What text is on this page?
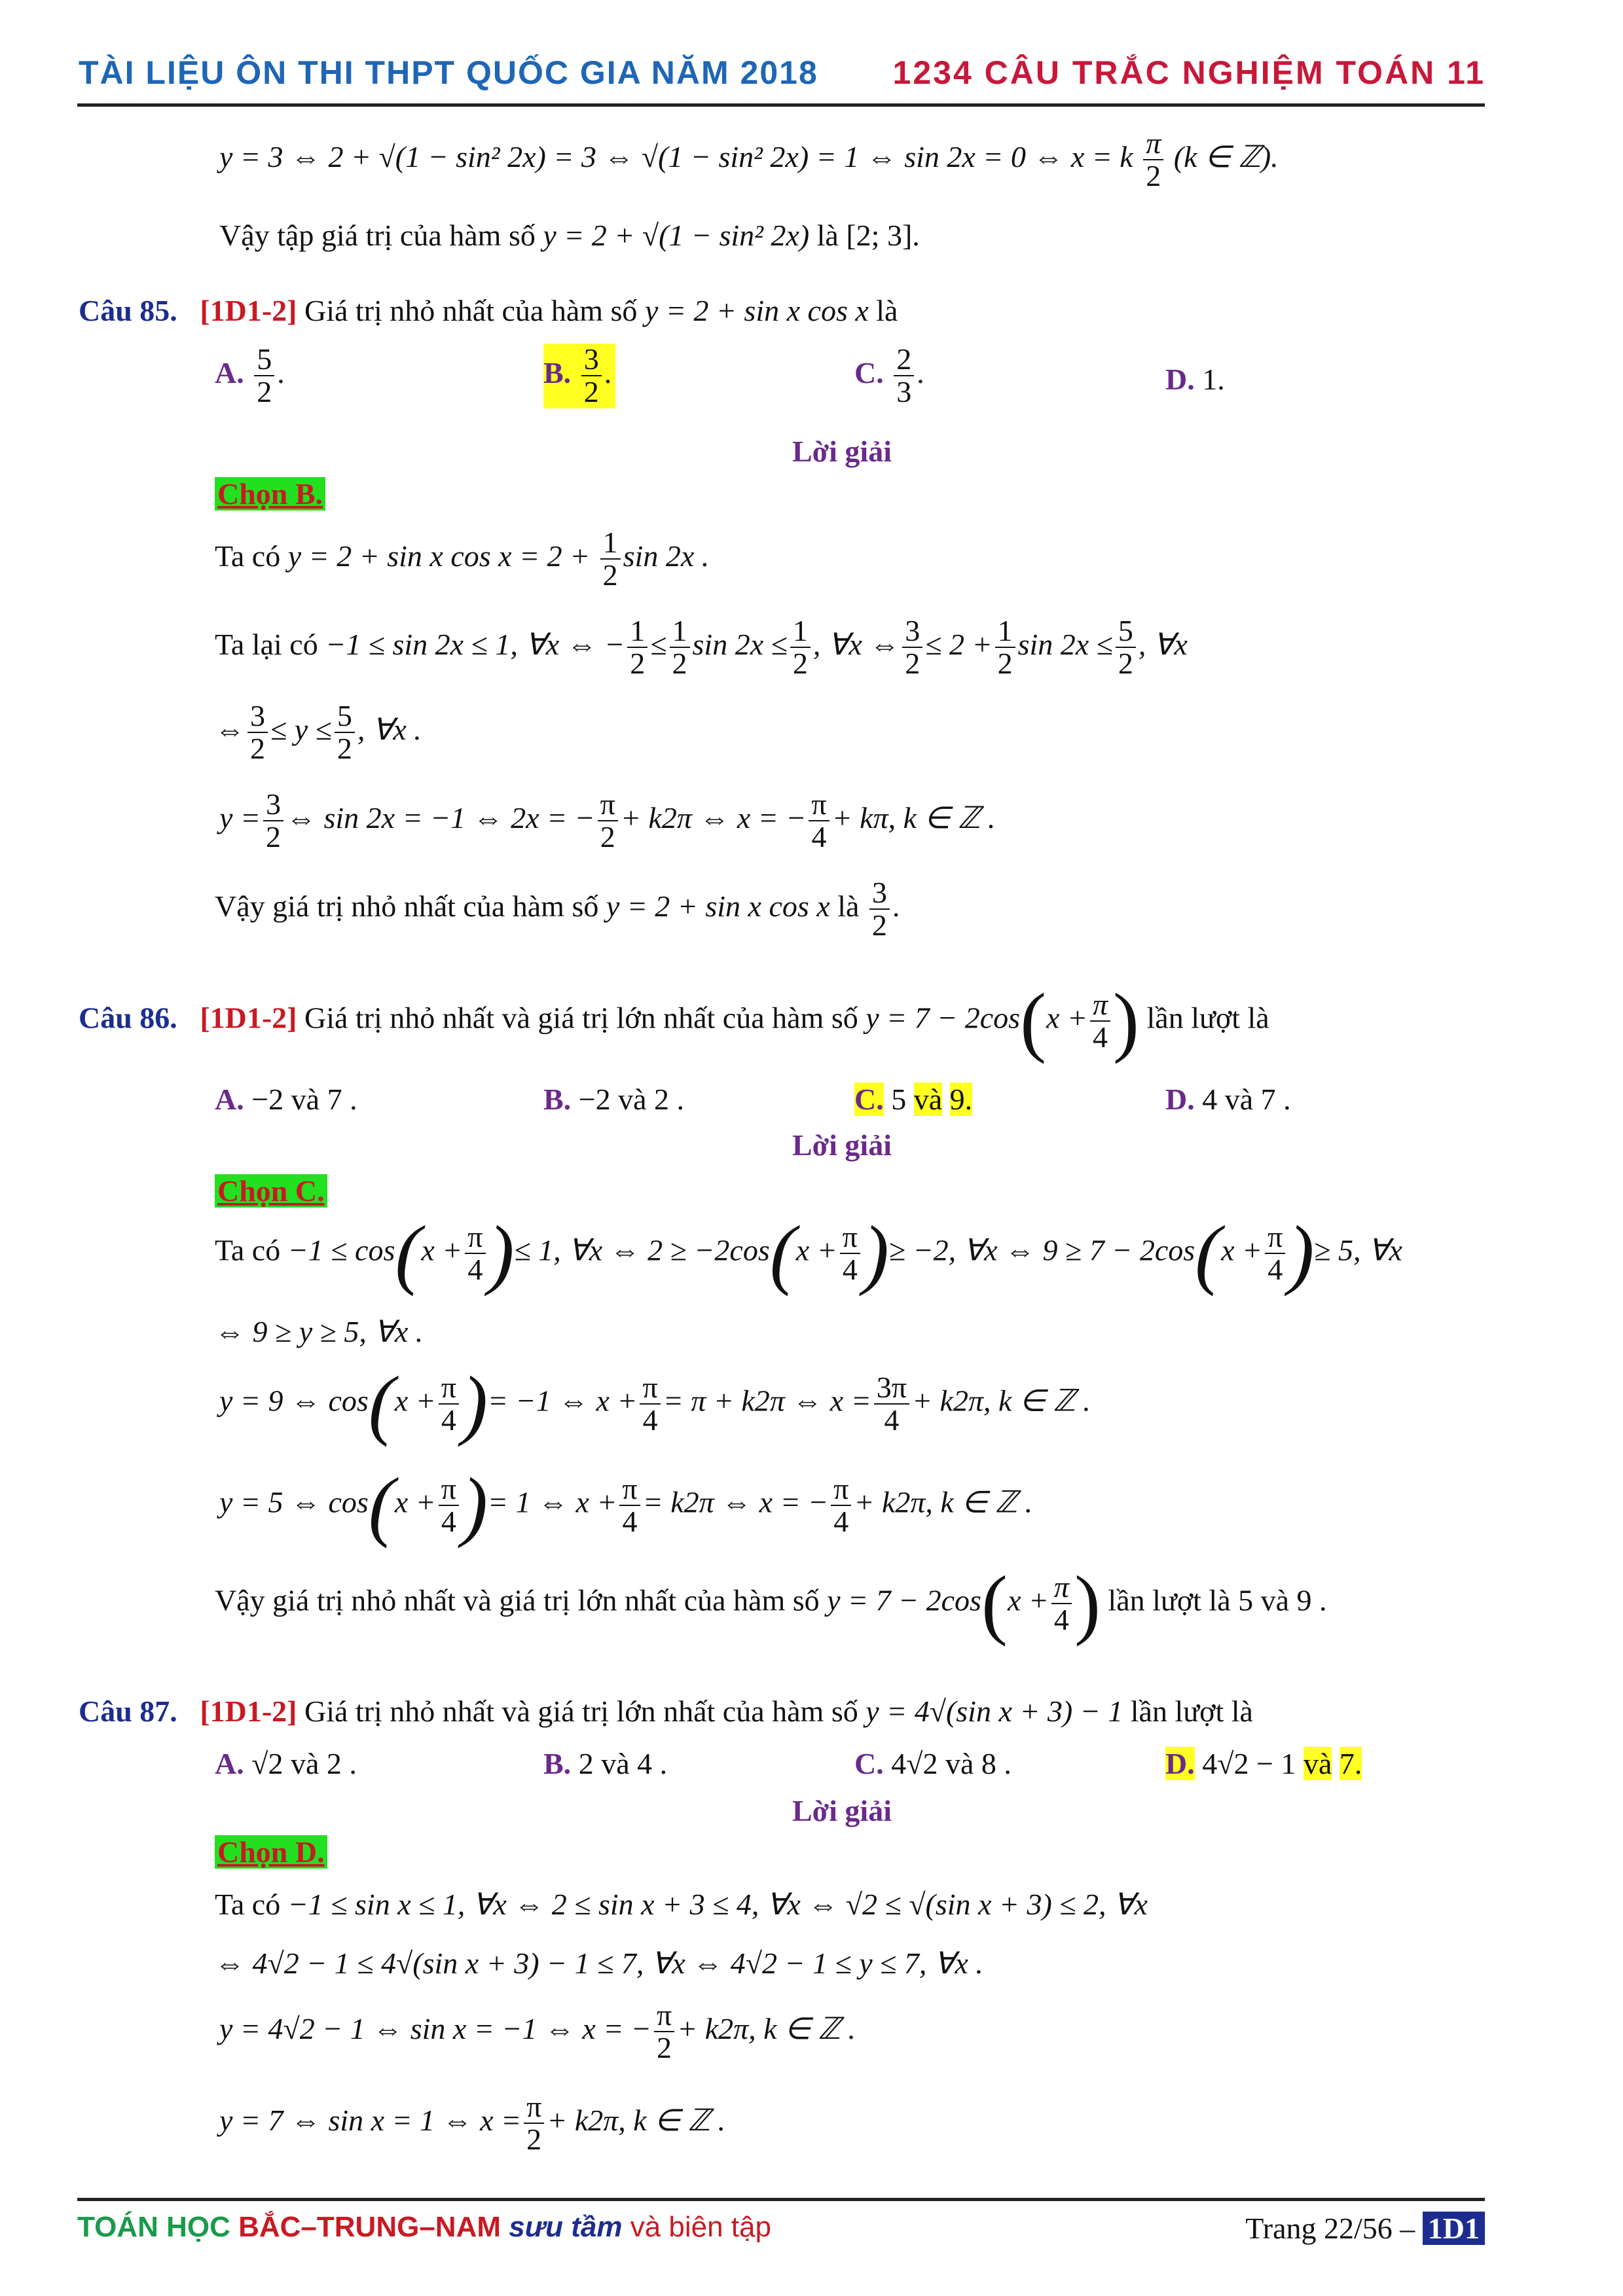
TÀI LIỆU ÔN THI THPT QUỐC GIA NĂM 2018 1234 CÂU TRẮC NGHIỆM TOÁN 11
y = 3 ⇔ 2 + √(1 − sin² 2x) = 3 ⇔ √(1 − sin² 2x) = 1 ⇔ sin 2x = 0 ⇔ x = k $\frac{\pi}{2} (k$ ∈ ℤ).
Vậy tập giá trị của hàm số y = 2 + √(1 − sin² 2x) là [2; 3].
Câu 85. [1D1-2] Giá trị nhỏ nhất của hàm số y = 2 + sin x cos x là
A. $\frac{5}{2}$ .	B. $\frac{3}{2}$ .	C. $\frac{2}{3}$ .	D. 1.
Lời giải
Chọn B.
Ta có y = 2 + sin x $\cos x = 2 + \frac{1}{2}$ sin 2x .
Ta lại có −1 ≤ sin 2x ≤ 1, ∀x ⇔ − $\frac{1}{2} \le \frac{1}{2}$ $\sin 2x \le \frac{1}{2}$ , ∀x ⇔ $\frac{3}{2} \le 2 + \frac{1}{2}$ $\sin 2x \le \frac{5}{2}$ , ∀x
⇔ $\frac{3}{2} \le y \le \frac{5}{2}$ , ∀x .
$y = \frac{3}{2}$ ⇔ sin 2x = −1 ⇔ 2x = − $\frac{\pi}{2} + k2\pi$ ⇔ x = − $\frac{\pi}{4} + k\pi$, k ∈ ℤ .
Vậy giá trị nhỏ nhất của hàm số y = 2 + sin x cos x là $\frac{3}{2}$ .
Câu 86. [1D1-2] Giá trị nhỏ nhất và giá trị lớn nhất của hàm số $y = 7 - 2\cos(x + \frac{\pi}{4}$ ) lần lượt là
A. −2 và 7 .	B. −2 và 2 .	C. 5 và 9.	D. 4 và 7 .
Lời giải
Chọn C.
Ta có $-1 \le \cos(x + \frac{\pi}{4}$ )≤ 1, ∀x ⇔ $2 \ge -2\cos(x + \frac{\pi}{4}$ )≥ −2, ∀x ⇔ $9 \ge 7 - 2\cos(x + \frac{\pi}{4}$ )≥ 5, ∀x
⇔ 9 ≥ y ≥ 5, ∀x .
y = 9 ⇔ $\cos(x + \frac{\pi}{4}$ )= −1 ⇔ $x + \frac{\pi}{4} = \pi + k2\pi$ ⇔ $x = \frac{3\pi}{4} + k2\pi$, k ∈ ℤ .
y = 5 ⇔ $\cos(x + \frac{\pi}{4}$ )= 1 ⇔ $x + \frac{\pi}{4} = k2\pi$ ⇔ x = − $\frac{\pi}{4} + k2\pi$, k ∈ ℤ .
Vậy giá trị nhỏ nhất và giá trị lớn nhất của hàm số $y = 7 - 2\cos(x + \frac{\pi}{4}$ ) lần lượt là 5 và 9 .
Câu 87. [1D1-2] Giá trị nhỏ nhất và giá trị lớn nhất của hàm số y = 4√(sin x + 3) − 1 lần lượt là
A. √2 và 2 .	B. 2 và 4 .	C. 4√2 và 8 .	D. 4√2 − 1 và 7.
Lời giải
Chọn D.
Ta có −1 ≤ sin x ≤ 1, ∀x ⇔ 2 ≤ sin x + 3 ≤ 4, ∀x ⇔ √2 ≤ √(sin x + 3) ≤ 2, ∀x
⇔ 4√2 − 1 ≤ 4√(sin x + 3) − 1 ≤ 7, ∀x ⇔ 4√2 − 1 ≤ y ≤ 7, ∀x .
y = 4√2 − 1 ⇔ sin x = −1 ⇔ x = − $\frac{\pi}{2} + k2\pi$, k ∈ ℤ .
y = 7 ⇔ sin x = 1 ⇔ $x = \frac{\pi}{2} + k2\pi$, k ∈ ℤ .
TOÁN HỌC BẮC–TRUNG–NAM sưu tầm và biên tập	Trang 22/56 – 1D1
